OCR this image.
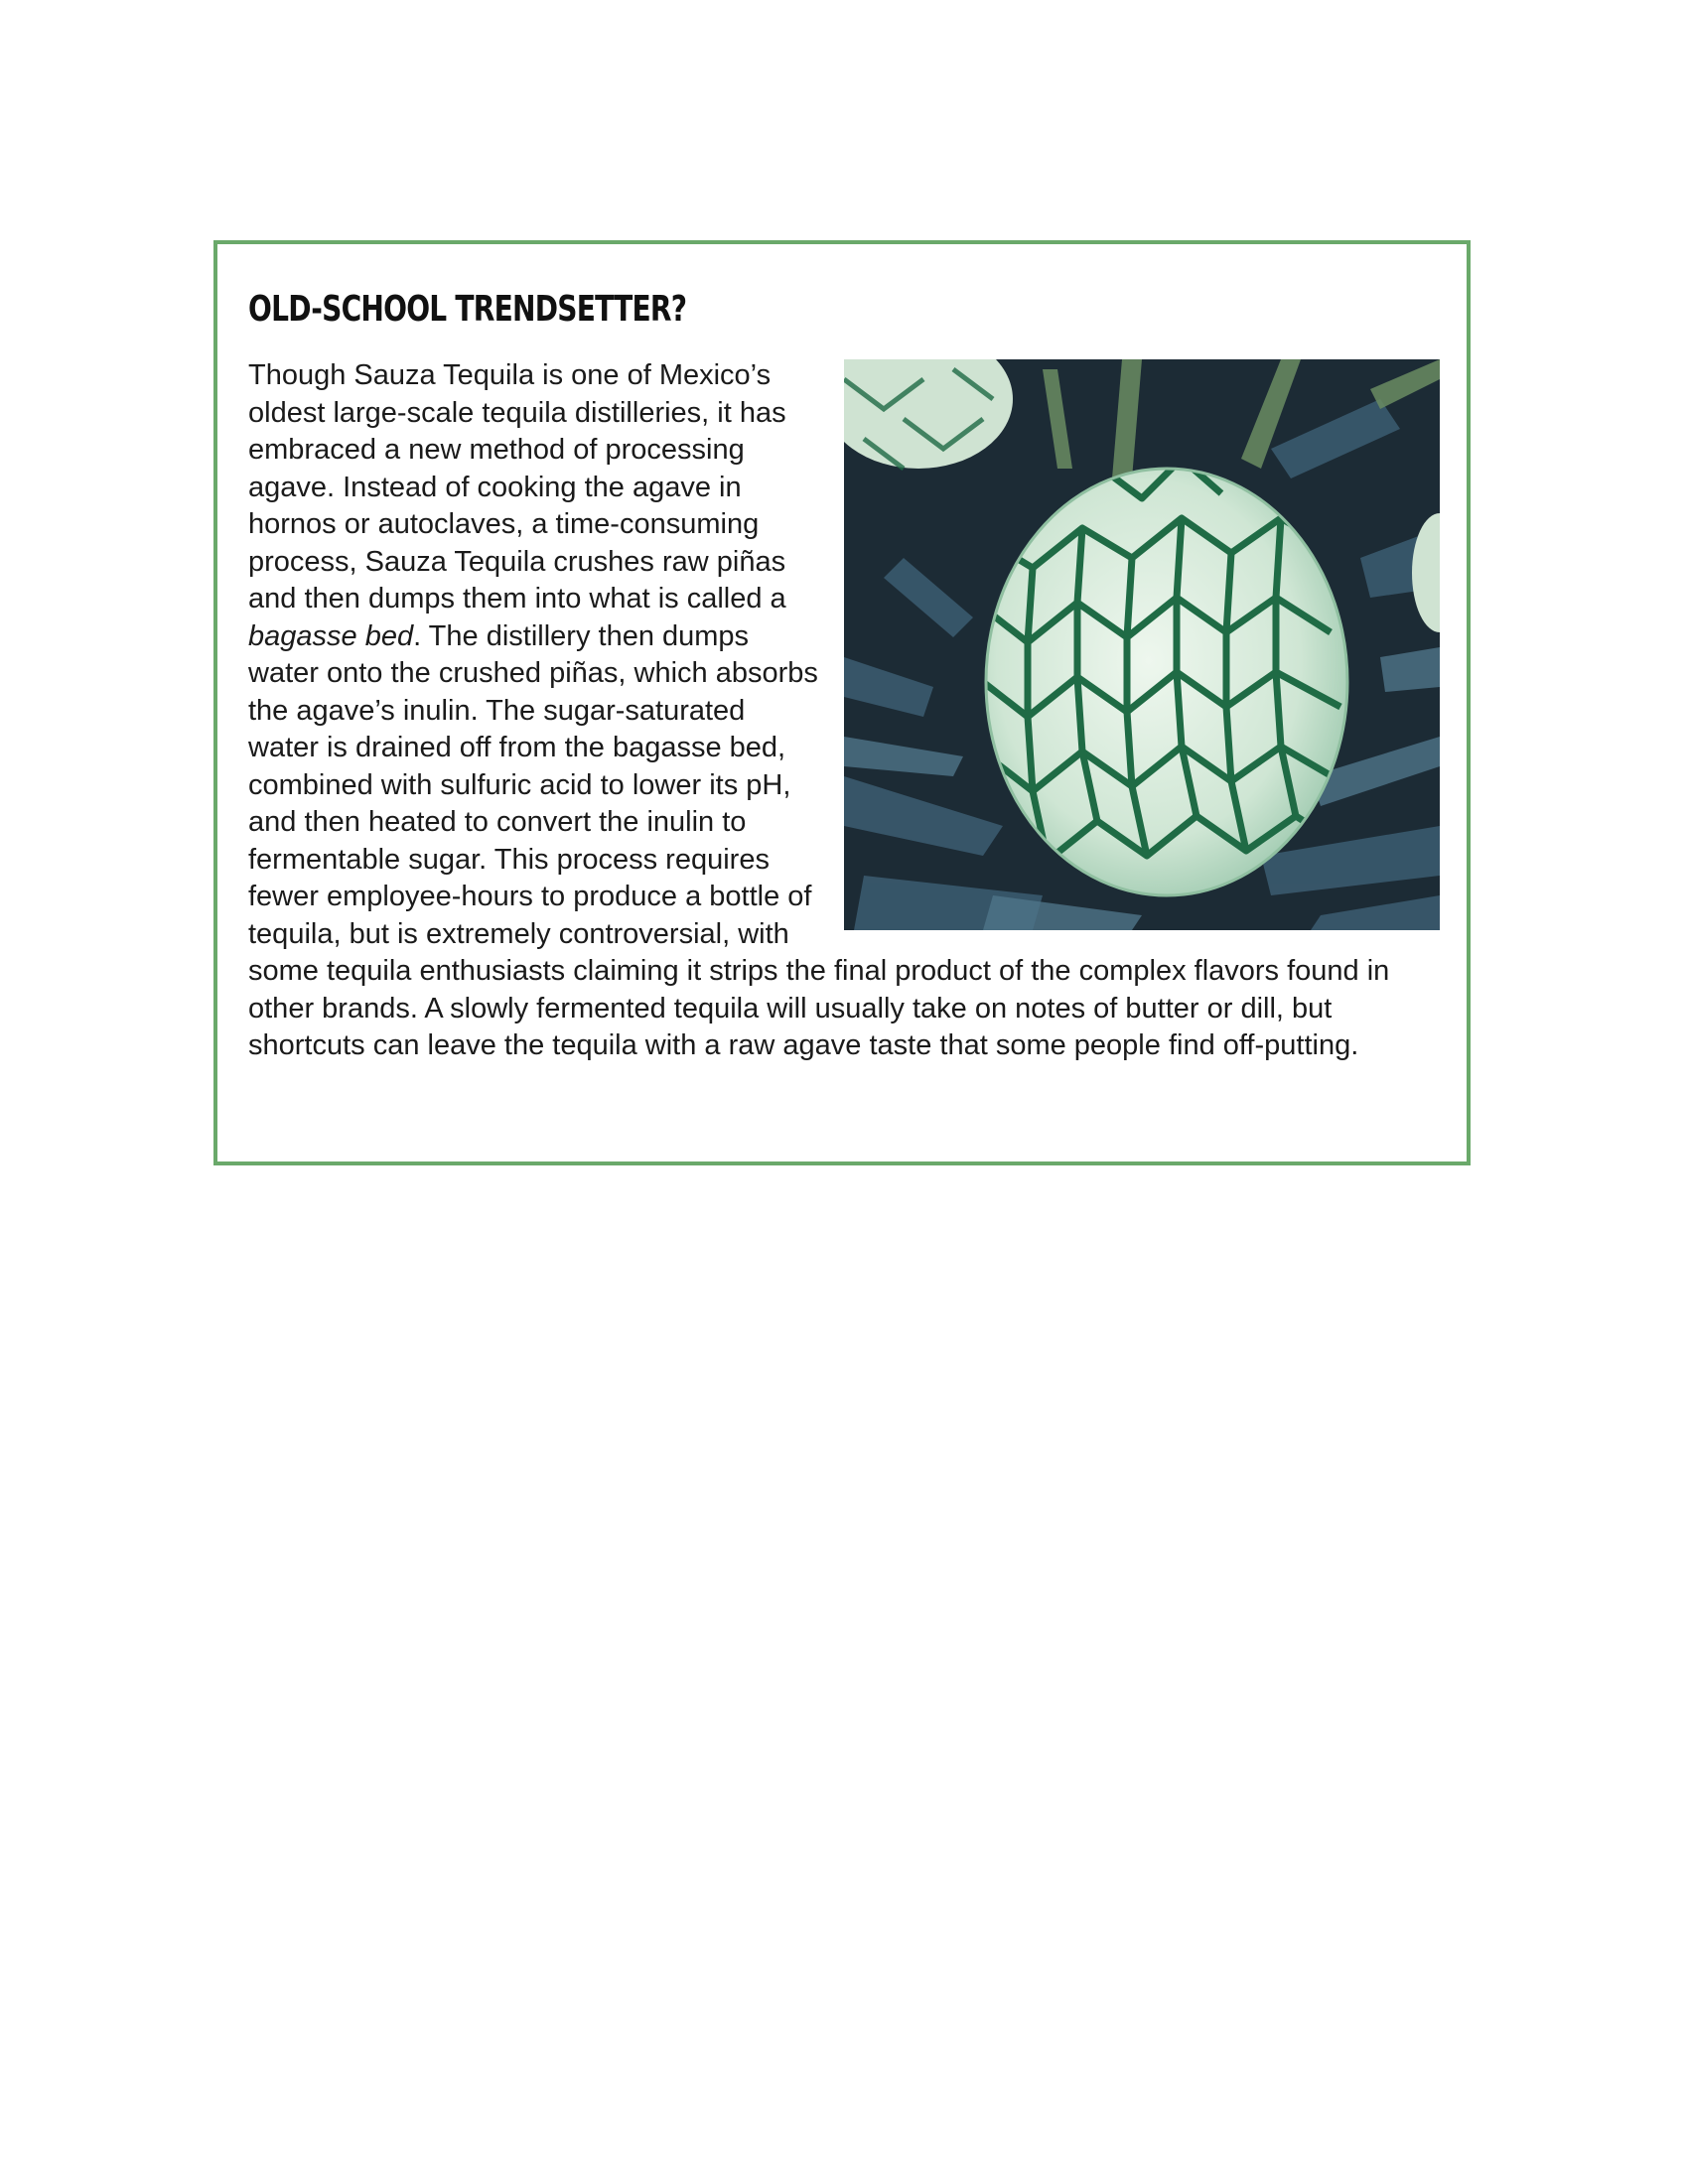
OLD-SCHOOL TRENDSETTER?

Though Sauza Tequila is one of Mexico’s oldest large-scale tequila distilleries, it has embraced a new method of processing agave. Instead of cooking the agave in hornos or autoclaves, a time-consuming process, Sauza Tequila crushes raw piñas and then dumps them into what is called a bagasse bed. The distillery then dumps water onto the crushed piñas, which absorbs the agave’s inulin. The sugar-saturated water is drained off from the bagasse bed, combined with sulfuric acid to lower its pH, and then heated to convert the inulin to fermentable sugar. This process requires fewer employee-hours to produce a bottle of tequila, but is extremely controversial, with some tequila enthusiasts claiming it strips the final product of the complex flavors found in other brands. A slowly fermented tequila will usually take on notes of butter or dill, but shortcuts can leave the tequila with a raw agave taste that some people find off-putting.
